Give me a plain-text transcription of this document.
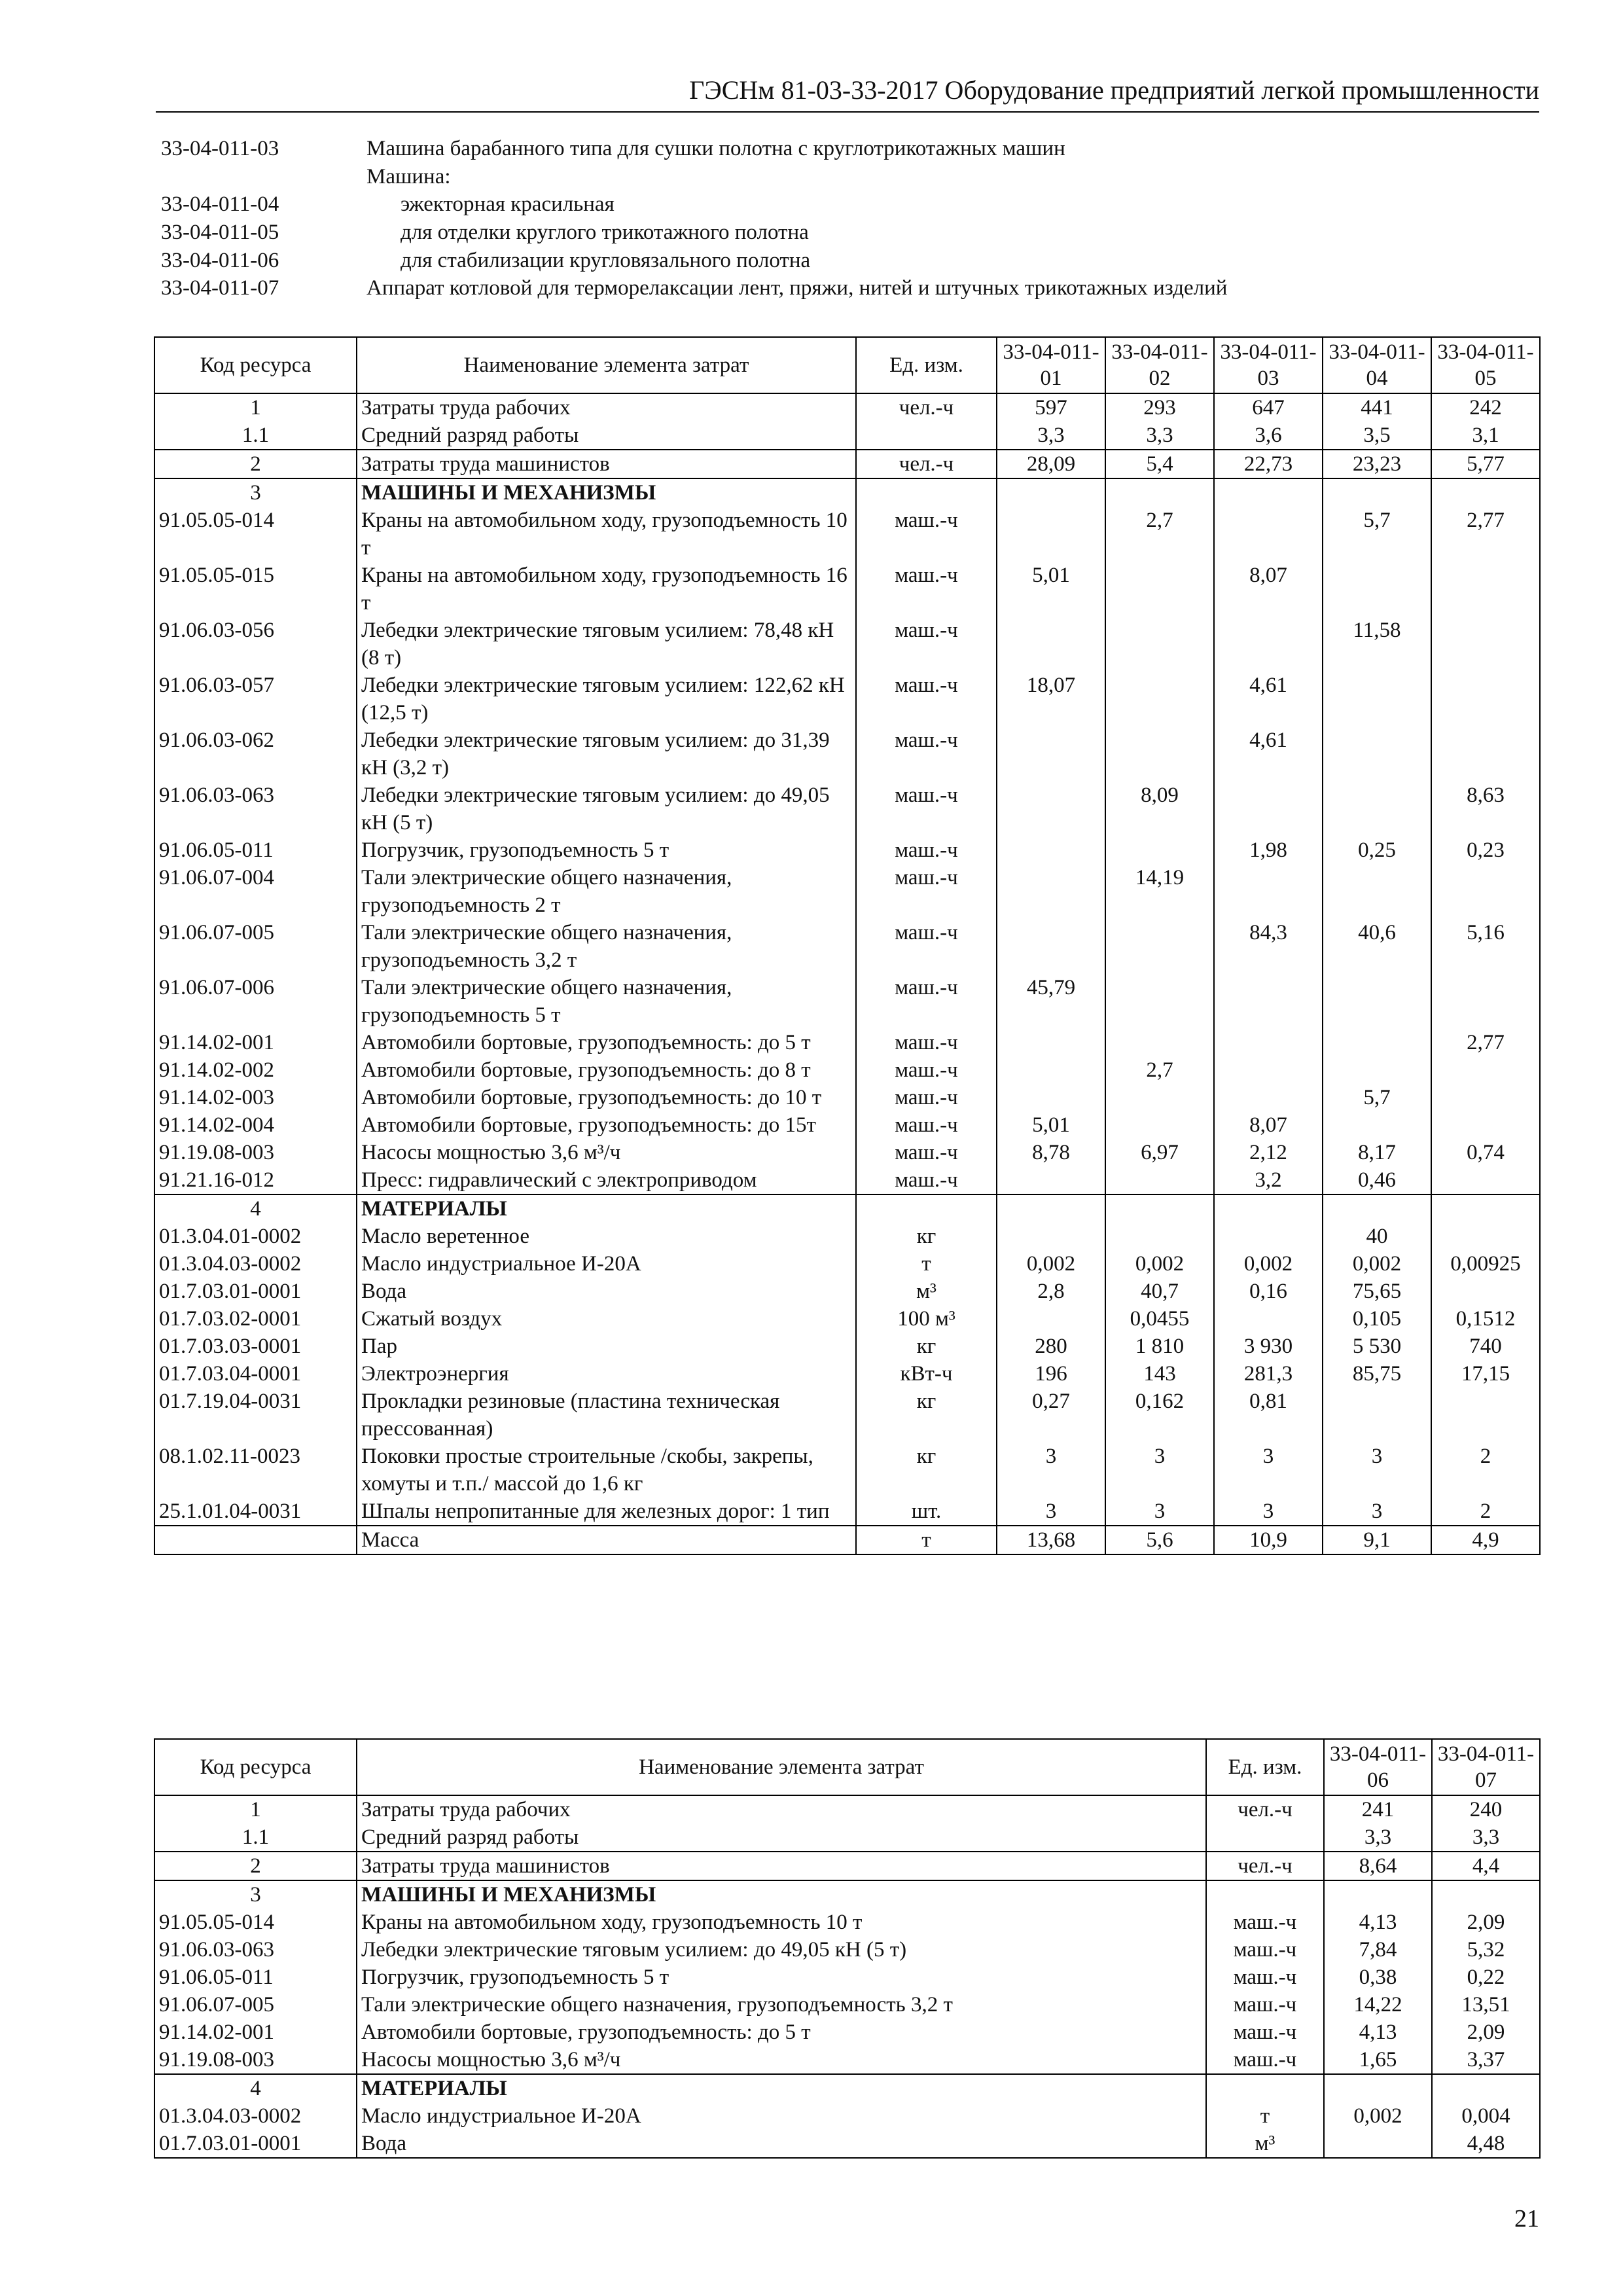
ГЭСНм 81-03-33-2017 Оборудование предприятий легкой промышленности
33-04-011-03	Машина барабанного типа для сушки полотна с круглотрикотажных машин
Машина:
33-04-011-04	эжекторная красильная
33-04-011-05	для отделки круглого трикотажного полотна
33-04-011-06	для стабилизации кругловязального полотна
33-04-011-07	Аппарат котловой для терморелаксации лент, пряжи, нитей и штучных трикотажных изделий
Код ресурса	Наименование элемента затрат	Ед. изм.	33-04-011-01	33-04-011-02	33-04-011-03	33-04-011-04	33-04-011-05
1	Затраты труда рабочих	чел.-ч	597	293	647	441	242
1.1	Средний разряд работы		3,3	3,3	3,6	3,5	3,1
2	Затраты труда машинистов	чел.-ч	28,09	5,4	22,73	23,23	5,77
3	МАШИНЫ И МЕХАНИЗМЫ						
91.05.05-014	Краны на автомобильном ходу, грузоподъемность 10 т	маш.-ч		2,7		5,7	2,77
91.05.05-015	Краны на автомобильном ходу, грузоподъемность 16 т	маш.-ч	5,01		8,07		
91.06.03-056	Лебедки электрические тяговым усилием: 78,48 кН (8 т)	маш.-ч				11,58	
91.06.03-057	Лебедки электрические тяговым усилием: 122,62 кН (12,5 т)	маш.-ч	18,07		4,61		
91.06.03-062	Лебедки электрические тяговым усилием: до 31,39 кН (3,2 т)	маш.-ч			4,61		
91.06.03-063	Лебедки электрические тяговым усилием: до 49,05 кН (5 т)	маш.-ч		8,09			8,63
91.06.05-011	Погрузчик, грузоподъемность 5 т	маш.-ч			1,98	0,25	0,23
91.06.07-004	Тали электрические общего назначения, грузоподъемность 2 т	маш.-ч		14,19			
91.06.07-005	Тали электрические общего назначения, грузоподъемность 3,2 т	маш.-ч			84,3	40,6	5,16
91.06.07-006	Тали электрические общего назначения, грузоподъемность 5 т	маш.-ч	45,79				
91.14.02-001	Автомобили бортовые, грузоподъемность: до 5 т	маш.-ч					2,77
91.14.02-002	Автомобили бортовые, грузоподъемность: до 8 т	маш.-ч		2,7			
91.14.02-003	Автомобили бортовые, грузоподъемность: до 10 т	маш.-ч				5,7	
91.14.02-004	Автомобили бортовые, грузоподъемность: до 15т	маш.-ч	5,01		8,07		
91.19.08-003	Насосы мощностью 3,6 м³/ч	маш.-ч	8,78	6,97	2,12	8,17	0,74
91.21.16-012	Пресс: гидравлический с электроприводом	маш.-ч			3,2	0,46	
4	МАТЕРИАЛЫ						
01.3.04.01-0002	Масло веретенное	кг				40	
01.3.04.03-0002	Масло индустриальное И-20А	т	0,002	0,002	0,002	0,002	0,00925
01.7.03.01-0001	Вода	м³	2,8	40,7	0,16	75,65	
01.7.03.02-0001	Сжатый воздух	100 м³		0,0455		0,105	0,1512
01.7.03.03-0001	Пар	кг	280	1 810	3 930	5 530	740
01.7.03.04-0001	Электроэнергия	кВт-ч	196	143	281,3	85,75	17,15
01.7.19.04-0031	Прокладки резиновые (пластина техническая прессованная)	кг	0,27	0,162	0,81		
08.1.02.11-0023	Поковки простые строительные /скобы, закрепы, хомуты и т.п./ массой до 1,6 кг	кг	3	3	3	3	2
25.1.01.04-0031	Шпалы непропитанные для железных дорог: 1 тип	шт.	3	3	3	3	2
	Масса	т	13,68	5,6	10,9	9,1	4,9
Код ресурса	Наименование элемента затрат	Ед. изм.	33-04-011-06	33-04-011-07
1	Затраты труда рабочих	чел.-ч	241	240
1.1	Средний разряд работы		3,3	3,3
2	Затраты труда машинистов	чел.-ч	8,64	4,4
3	МАШИНЫ И МЕХАНИЗМЫ			
91.05.05-014	Краны на автомобильном ходу, грузоподъемность 10 т	маш.-ч	4,13	2,09
91.06.03-063	Лебедки электрические тяговым усилием: до 49,05 кН (5 т)	маш.-ч	7,84	5,32
91.06.05-011	Погрузчик, грузоподъемность 5 т	маш.-ч	0,38	0,22
91.06.07-005	Тали электрические общего назначения, грузоподъемность 3,2 т	маш.-ч	14,22	13,51
91.14.02-001	Автомобили бортовые, грузоподъемность: до 5 т	маш.-ч	4,13	2,09
91.19.08-003	Насосы мощностью 3,6 м³/ч	маш.-ч	1,65	3,37
4	МАТЕРИАЛЫ			
01.3.04.03-0002	Масло индустриальное И-20А	т	0,002	0,004
01.7.03.01-0001	Вода	м³		4,48
21
